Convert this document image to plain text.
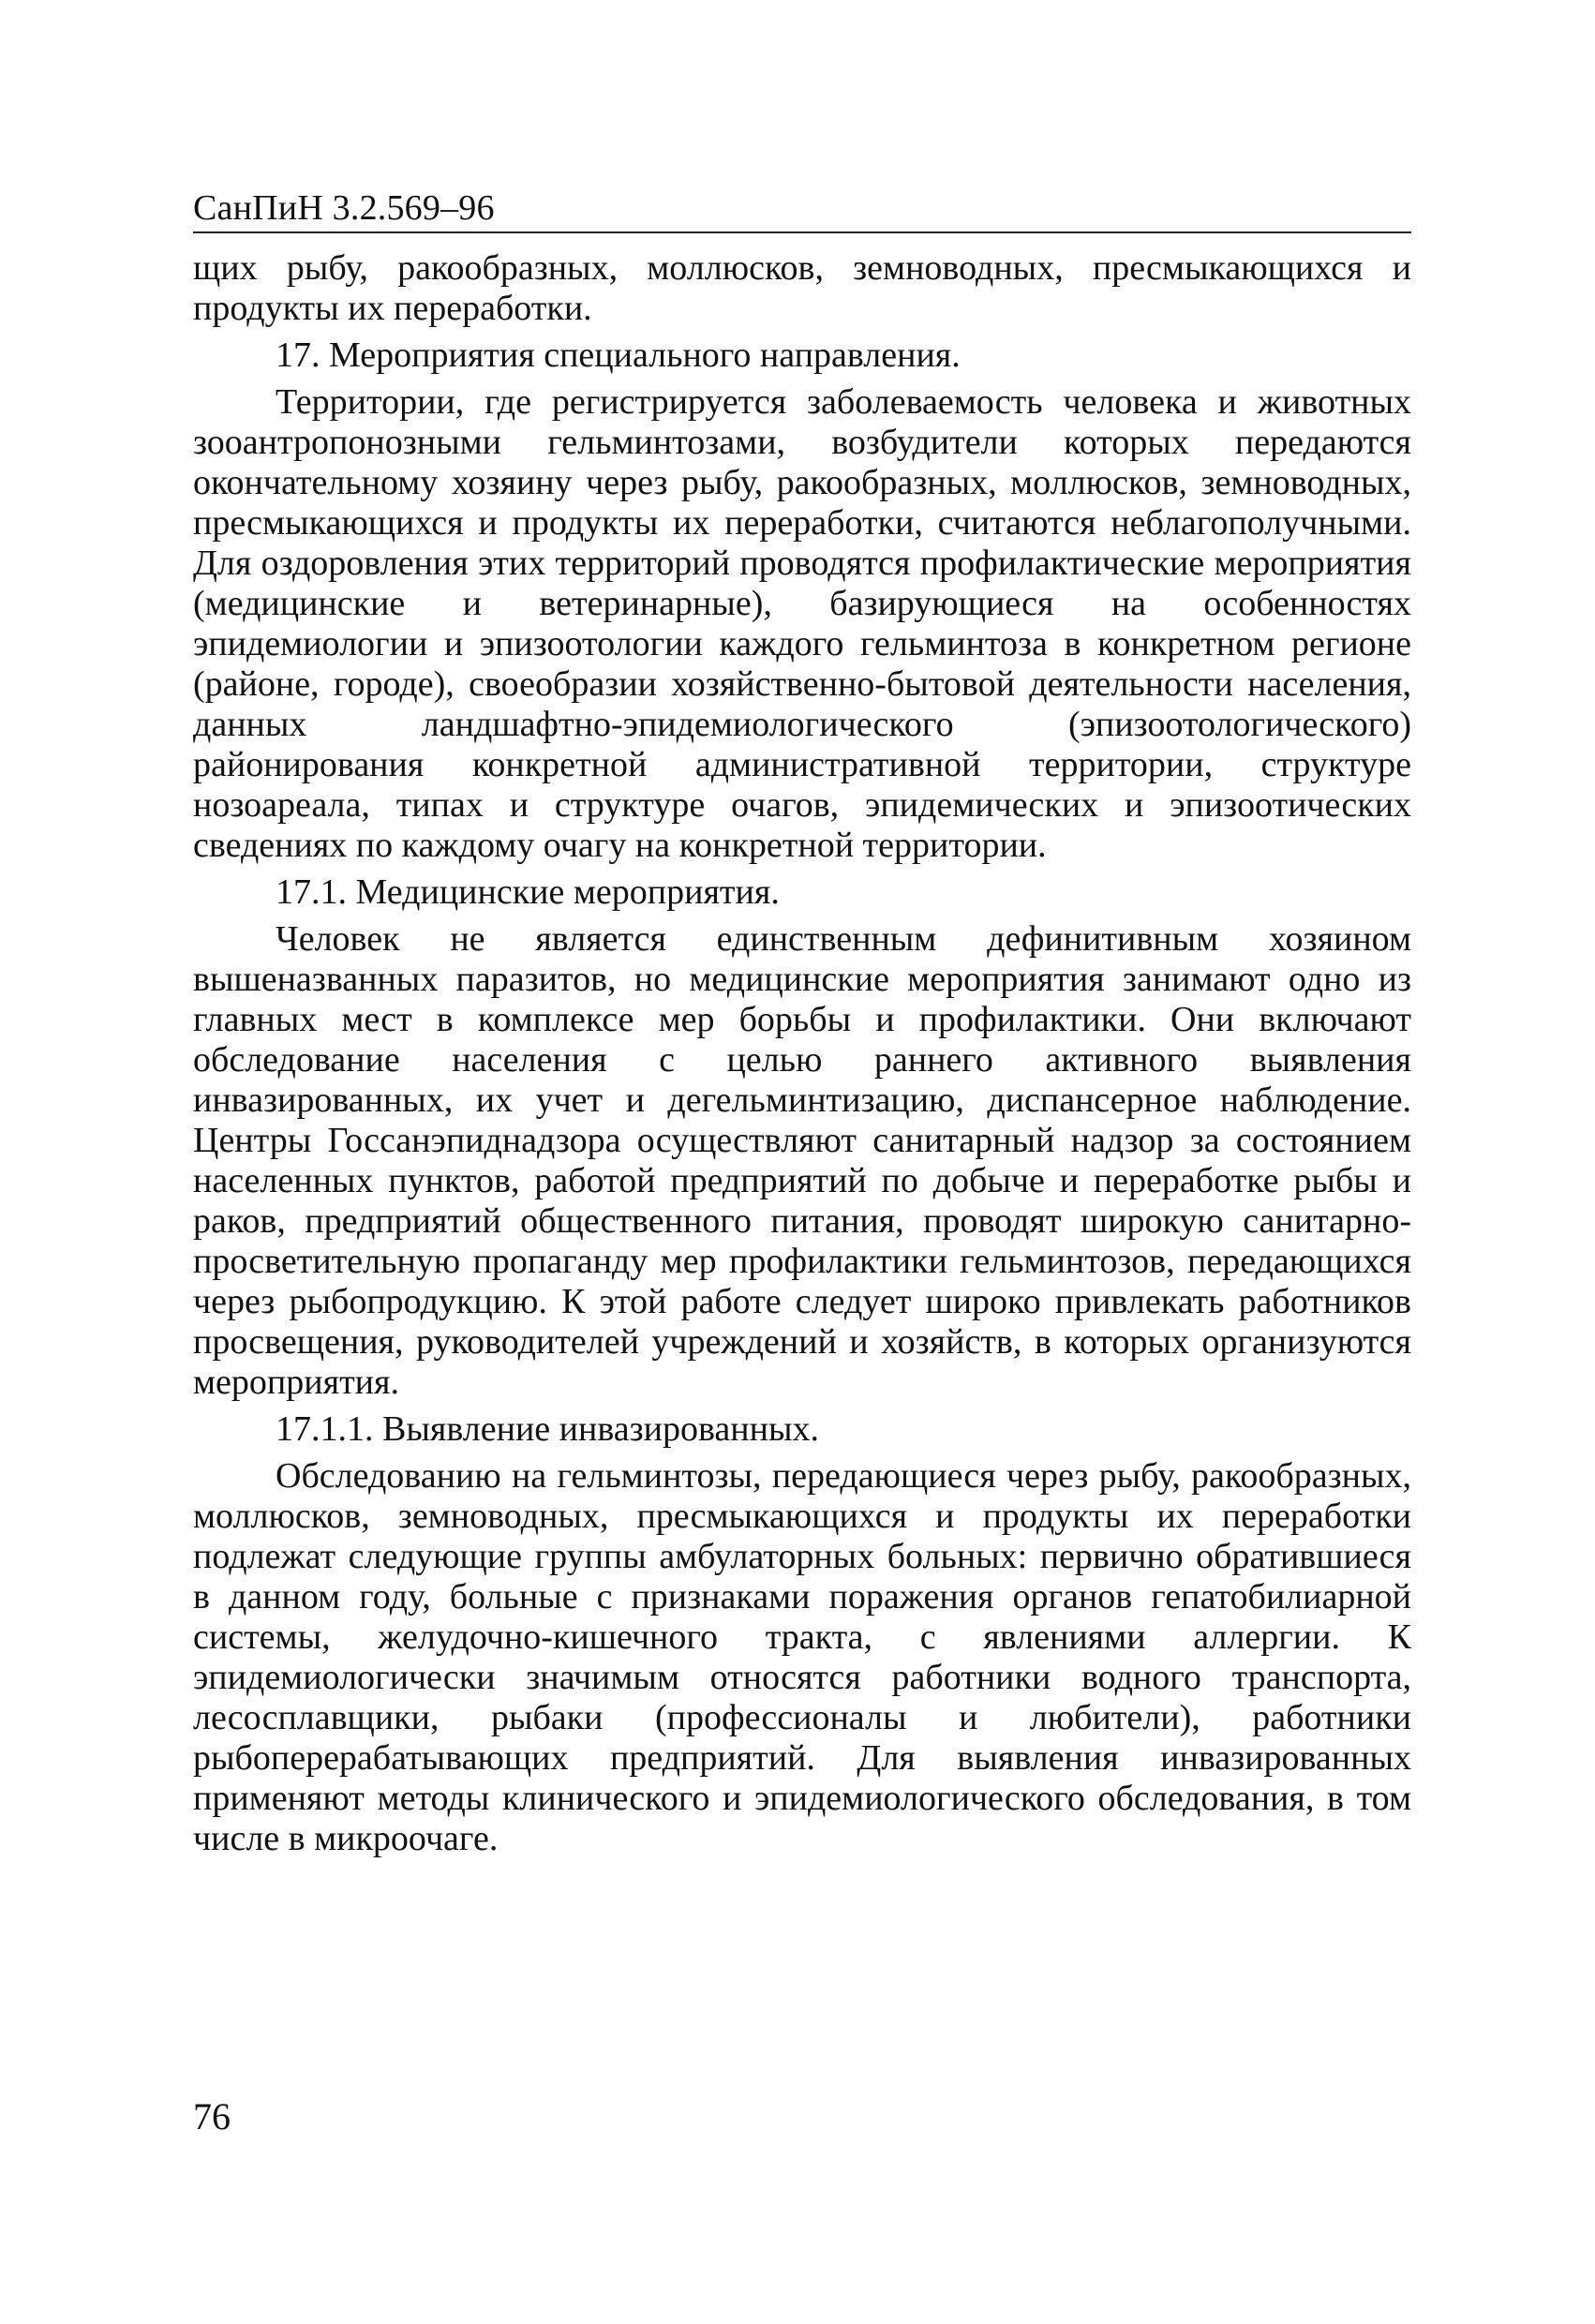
СанПиН 3.2.569–96

щих рыбу, ракообразных, моллюсков, земноводных, пресмыкающихся и продукты их переработки.

17. Мероприятия специального направления.

Территории, где регистрируется заболеваемость человека и животных зооантропонозными гельминтозами, возбудители которых передаются окончательному хозяину через рыбу, ракообразных, моллюсков, земноводных, пресмыкающихся и продукты их переработки, считаются неблагополучными. Для оздоровления этих территорий проводятся профилактические мероприятия (медицинские и ветеринарные), базирующиеся на особенностях эпидемиологии и эпизоотологии каждого гельминтоза в конкретном регионе (районе, городе), своеобразии хозяйственно-бытовой деятельности населения, данных ландшафтно-эпидемиологического (эпизоотологического) районирования конкретной административной территории, структуре нозоареала, типах и структуре очагов, эпидемических и эпизоотических сведениях по каждому очагу на конкретной территории.

17.1. Медицинские мероприятия.

Человек не является единственным дефинитивным хозяином вышеназванных паразитов, но медицинские мероприятия занимают одно из главных мест в комплексе мер борьбы и профилактики. Они включают обследование населения с целью раннего активного выявления инвазированных, их учет и дегельминтизацию, диспансерное наблюдение. Центры Госсанэпиднадзора осуществляют санитарный надзор за состоянием населенных пунктов, работой предприятий по добыче и переработке рыбы и раков, предприятий общественного питания, проводят широкую санитарно-просветительную пропаганду мер профилактики гельминтозов, передающихся через рыбопродукцию. К этой работе следует широко привлекать работников просвещения, руководителей учреждений и хозяйств, в которых организуются мероприятия.

17.1.1. Выявление инвазированных.

Обследованию на гельминтозы, передающиеся через рыбу, ракообразных, моллюсков, земноводных, пресмыкающихся и продукты их переработки подлежат следующие группы амбулаторных больных: первично обратившиеся в данном году, больные с признаками поражения органов гепатобилиарной системы, желудочно-кишечного тракта, с явлениями аллергии. К эпидемиологически значимым относятся работники водного транспорта, лесосплавщики, рыбаки (профессионалы и любители), работники рыбоперерабатывающих предприятий. Для выявления инвазированных применяют методы клинического и эпидемиологического обследования, в том числе в микроочаге.

76
